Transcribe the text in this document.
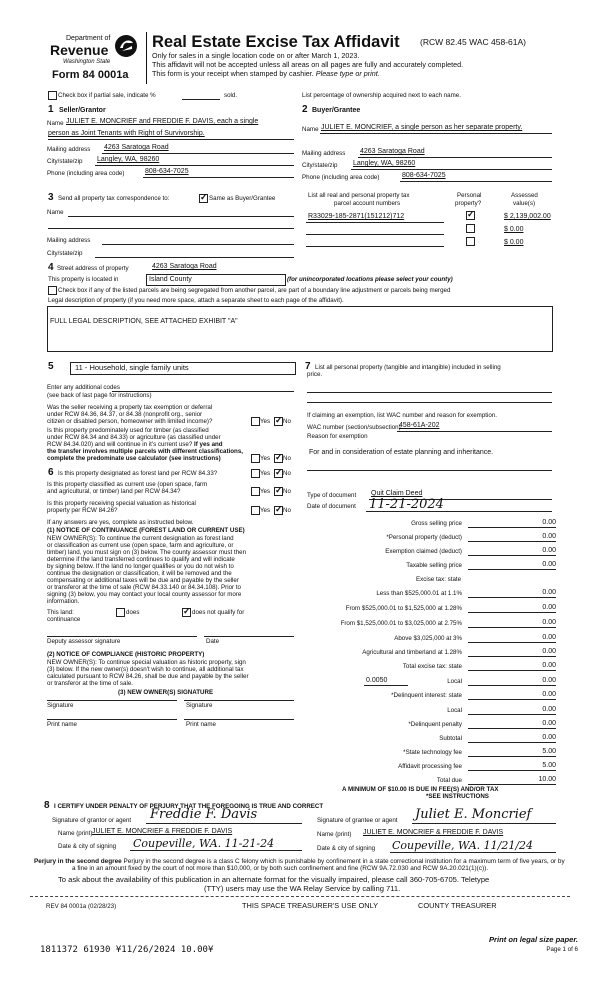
Department of
Revenue
Washington State
Form 84 0001a
Real Estate Excise Tax Affidavit (RCW 82.45 WAC 458-61A)
Only for sales in a single location code on or after March 1, 2023.
This affidavit will not be accepted unless all areas on all pages are fully and accurately completed.
This form is your receipt when stamped by cashier. Please type or print.
Check box if partial sale, indicate %	sold.	List percentage of ownership acquired next to each name.
1 Seller/Grantor
Name JULIET E. MONCRIEF and FREDDIE F. DAVIS, each a single
person as Joint Tenants with Right of Survivorship.
Mailing address 4263 Saratoga Road
City/state/zip Langley, WA, 98260
Phone (including area code)	808-634-7025
2 Buyer/Grantee
Name JULIET E. MONCRIEF, a single person as her separate property.
Mailing address 4263 Saratoga Road
City/state/zip Langley, WA, 98260
Phone (including area code)	808-634-7025
3 Send all property tax correspondence to: ✓	Same as Buyer/Grantee
Name
Mailing address
City/state/zip
List all real and personal property tax
parcel account numbers
Personal
property?
Assessed
value(s)
R33029-185-2871(151212)712 ✓	$ 2,139,002.00
$ 0.00
$ 0.00
4 Street address of property	4263 Saratoga Road
This property is located in	Island County	(for unincorporated locations please select your county)
Check box if any of the listed parcels are being segregated from another parcel, are part of a boundary line adjustment or parcels being merged
Legal description of property (if you need more space, attach a separate sheet to each page of the affidavit).
FULL LEGAL DESCRIPTION, SEE ATTACHED EXHIBIT "A"
5	11 - Household, single family units
Enter any additional codes
(see back of last page for instructions)
Was the seller receiving a property tax exemption or deferral
under RCW 84.36, 84.37, or 84.38 (nonprofit org., senior
citizen or disabled person, homeowner with limited income)?	Yes ✓ No
Is this property predominately used for timber (as classified
under RCW 84.34 and 84.33) or agriculture (as classified under
RCW 84.34.020) and will continue in it's current use? If yes and
the transfer involves multiple parcels with different classifications,
complete the predominate use calculator (see instructions)	Yes ✓ No
6 Is this property designated as forest land per RCW 84.33?	Yes ✓ No
Is this property classified as current use (open space, farm
and agricultural, or timber) land per RCW 84.34?	Yes ✓ No
Is this property receiving special valuation as historical
property per RCW 84.26?	Yes ✓ No
If any answers are yes, complete as instructed below.
(1) NOTICE OF CONTINUANCE (FOREST LAND OR CURRENT USE)
NEW OWNER(S): To continue the current designation as forest land
or classification as current use (open space, farm and agriculture, or
timber) land, you must sign on (3) below. The county assessor must then
determine if the land transferred continues to qualify and will indicate
by signing below. If the land no longer qualifies or you do not wish to
continue the designation or classification, it will be removed and the
compensating or additional taxes will be due and payable by the seller
or transferor at the time of sale (RCW 84.33.140 or 84.34.108). Prior to
signing (3) below, you may contact your local county assessor for more
information.
This land:
continuance
does ✓	does not qualify for
Deputy assessor signature	Date
(2) NOTICE OF COMPLIANCE (HISTORIC PROPERTY)
NEW OWNER(S): To continue special valuation as historic property, sign
(3) below. If the new owner(s) doesn't wish to continue, all additional tax
calculated pursuant to RCW 84.26, shall be due and payable by the seller
or transferor at the time of sale.
(3) NEW OWNER(S) SIGNATURE
Signature	Signature
Print name	Print name
7 List all personal property (tangible and intangible) included in selling
price.
If claiming an exemption, list WAC number and reason for exemption.
WAC number (section/subsection)
458-61A-202
Reason for exemption
For and in consideration of estate planning and inheritance.
Type of document Quit Claim Deed
Date of document 11-21-2024
Gross selling price	0.00
*Personal property (deduct)	0.00
Exemption claimed (deduct)	0.00
Taxable selling price	0.00
Excise tax: state
Less than $525,000.01 at 1.1%	0.00
From $525,000.01 to $1,525,000 at 1.28%	0.00
From $1,525,000.01 to $3,025,000 at 2.75%	0.00
Above $3,025,000 at 3%	0.00
Agricultural and timberland at 1.28%	0.00
Total excise tax: state	0.00
0.0050	Local	0.00
*Delinquent interest: state	0.00
Local	0.00
*Delinquent penalty	0.00
Subtotal	0.00
*State technology fee	5.00
Affidavit processing fee	5.00
Total due	10.00
A MINIMUM OF $10.00 IS DUE IN FEE(S) AND/OR TAX
*SEE INSTRUCTIONS
8 I CERTIFY UNDER PENALTY OF PERJURY THAT THE FOREGOING IS TRUE AND CORRECT
Signature of grantor or agent Freddie F. Davis
Name (print) JULIET E. MONCRIEF & FREDDIE F. DAVIS
Date & city of signing Coupeville, WA. 11-21-24
Signature of grantee or agent Juliet E. Moncrief
Name (print) JULIET E. MONCRIEF & FREDDIE F. DAVIS
Date & city of signing Coupeville, WA. 11/21/24
Perjury in the second degree Perjury in the second degree is a class C felony which is punishable by confinement in a state correctional institution for a maximum term of five years, or by
a fine in an amount fixed by the court of not more than $10,000, or by both such confinement and fine (RCW 9A.72.030 and RCW 9A.20.021(1)(c)).
To ask about the availability of this publication in an alternate format for the visually impaired, please call 360-705-6705. Teletype
(TTY) users may use the WA Relay Service by calling 711.
REV 84 0001a (02/28/23)	THIS SPACE TREASURER'S USE ONLY	COUNTY TREASURER
1811372 61930 ¥11/26/2024 10.00¥
Print on legal size paper.
Page 1 of 6
